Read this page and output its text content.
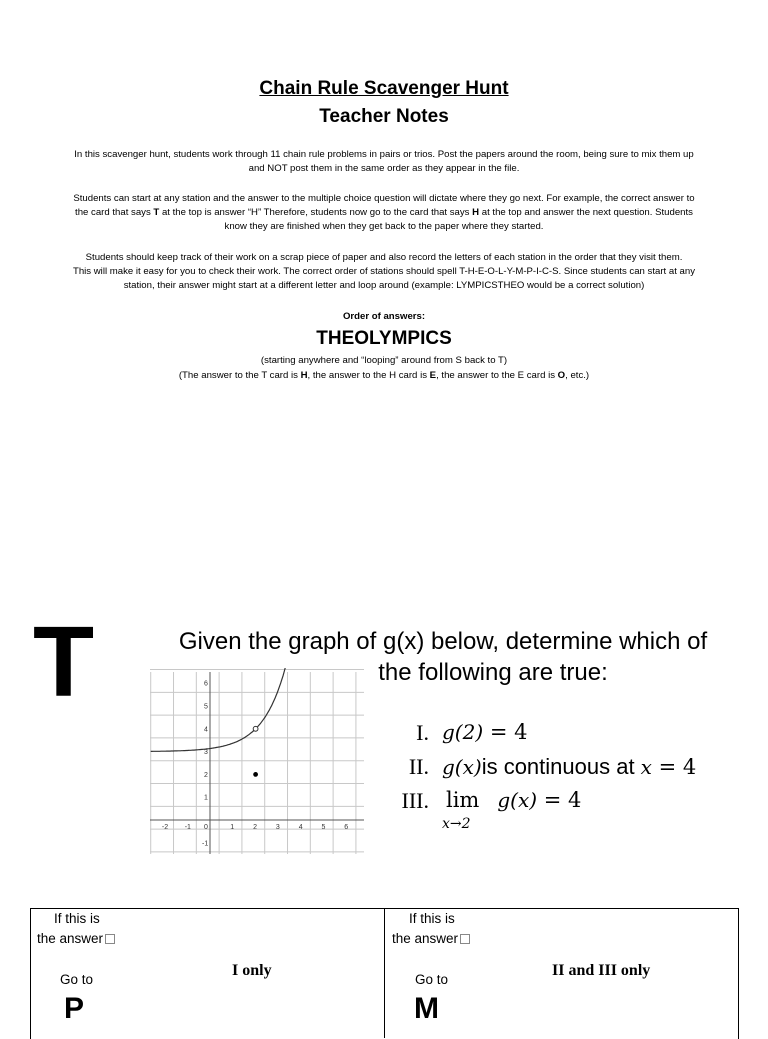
Chain Rule Scavenger Hunt
Teacher Notes
In this scavenger hunt, students work through 11 chain rule problems in pairs or trios. Post the papers around the room, being sure to mix them up
and NOT post them in the same order as they appear in the file.
Students can start at any station and the answer to the multiple choice question will dictate where they go next. For example, the correct answer to
the card that says T at the top is answer “H” Therefore, students now go to the card that says H at the top and answer the next question. Students
know they are finished when they get back to the paper where they started.
Students should keep track of their work on a scrap piece of paper and also record the letters of each station in the order that they visit them.
This will make it easy for you to check their work. The correct order of stations should spell T-H-E-O-L-Y-M-P-I-C-S. Since students can start at any
station, their answer might start at a different letter and loop around (example: LYMPICSTHEO would be a correct solution)
Order of answers:
THEOLYMPICS
(starting anywhere and “looping” around from S back to T)
(The answer to the T card is H, the answer to the H card is E, the answer to the E card is O, etc.)
T	Given the graph of g(x) below, determine which of
the following are true:
-2 -1 0	1	2	3	4	5	6
6
5
4
3
2
1
-1
I. g(2) = 4
II. g(x)is continuous at x = 4
III. lim g(x) = 4
x→2
If this is
the answer
I only
Go to
P
If this is
the answer
II and III only
Go to
M
